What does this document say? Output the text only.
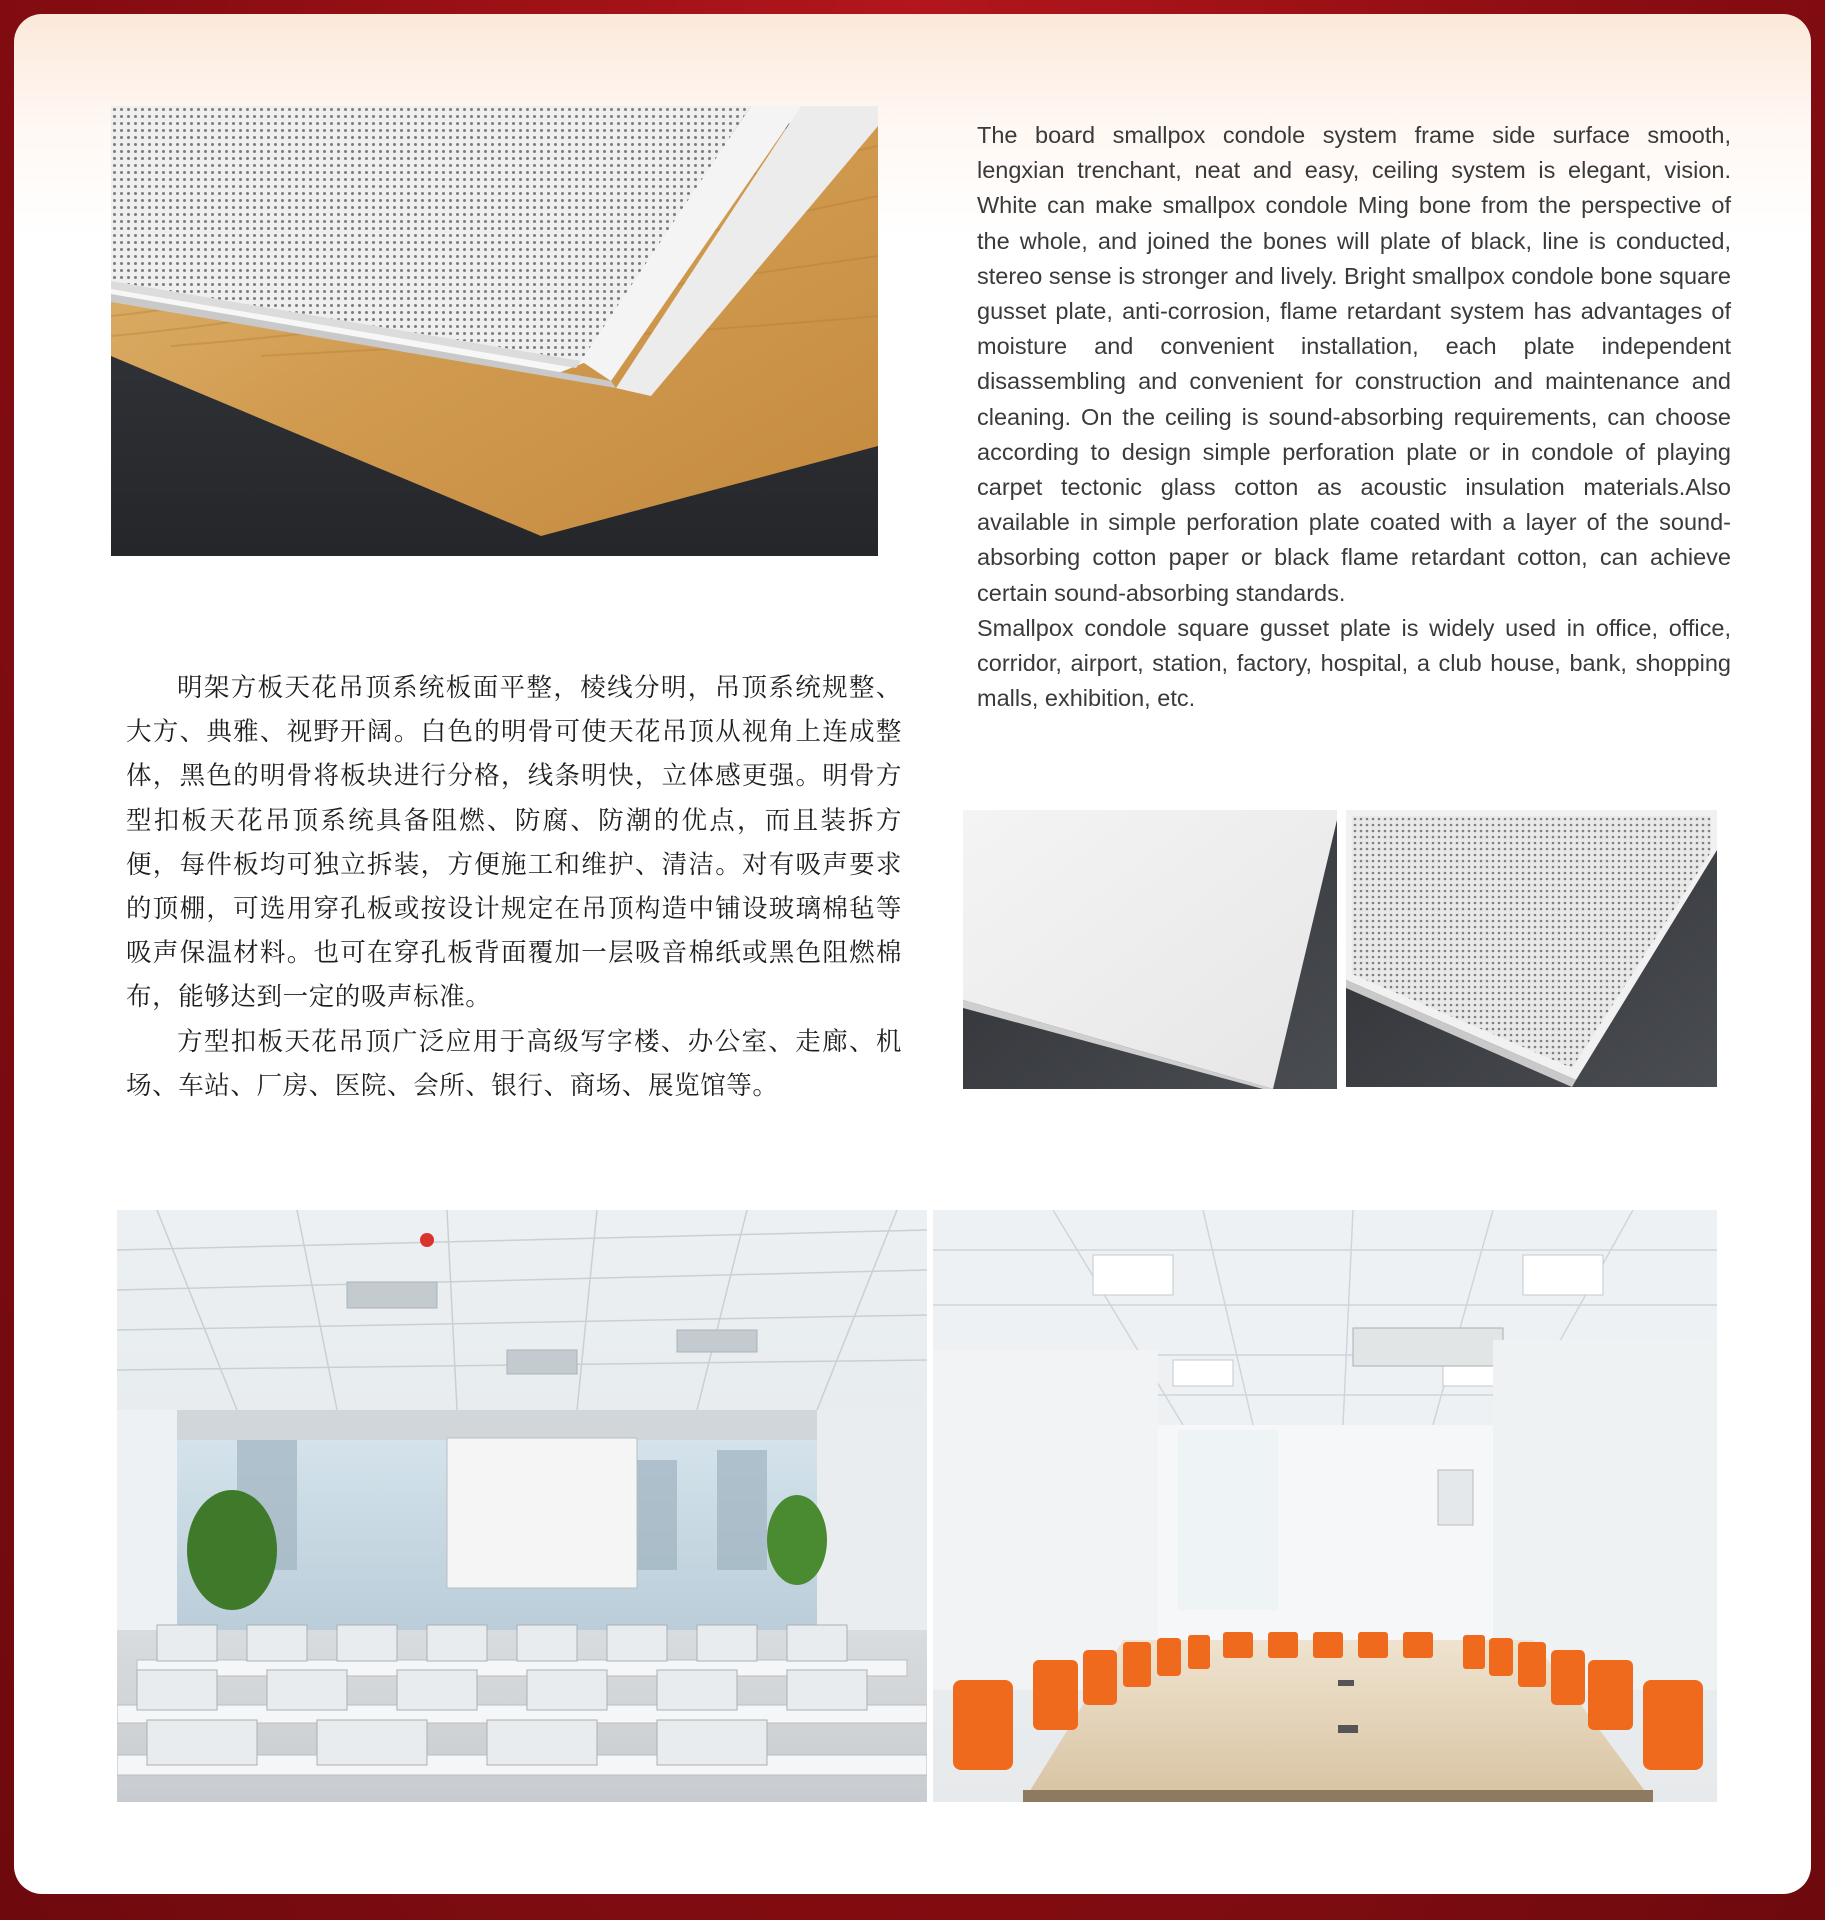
The board smallpox condole system frame side surface smooth, lengxian trenchant, neat and easy, ceiling system is elegant, vision. White can make smallpox condole Ming bone from the perspective of the whole, and joined the bones will plate of black, line is conducted, stereo sense is stronger and lively. Bright smallpox condole bone square gusset plate, anti-corrosion, flame retardant system has advantages of moisture and convenient installation, each plate independent disassembling and convenient for construction and maintenance and cleaning. On the ceiling is sound-absorbing requirements, can choose according to design simple perforation plate or in condole of playing carpet tectonic glass cotton as acoustic insulation materials.Also available in simple perforation plate coated with a layer of the sound-absorbing cotton paper or black flame retardant cotton, can achieve certain sound-absorbing standards.

Smallpox condole square gusset plate is widely used in office, office, corridor, airport, station, factory, hospital, a club house, bank, shopping malls, exhibition, etc.

明架方板天花吊顶系统板面平整，棱线分明，吊顶系统规整、大方、典雅、视野开阔。白色的明骨可使天花吊顶从视角上连成整体，黑色的明骨将板块进行分格，线条明快，立体感更强。明骨方型扣板天花吊顶系统具备阻燃、防腐、防潮的优点，而且装拆方便，每件板均可独立拆装，方便施工和维护、清洁。对有吸声要求的顶棚，可选用穿孔板或按设计规定在吊顶构造中铺设玻璃棉毡等吸声保温材料。也可在穿孔板背面覆加一层吸音棉纸或黑色阻燃棉布，能够达到一定的吸声标准。

方型扣板天花吊顶广泛应用于高级写字楼、办公室、走廊、机场、车站、厂房、医院、会所、银行、商场、展览馆等。
